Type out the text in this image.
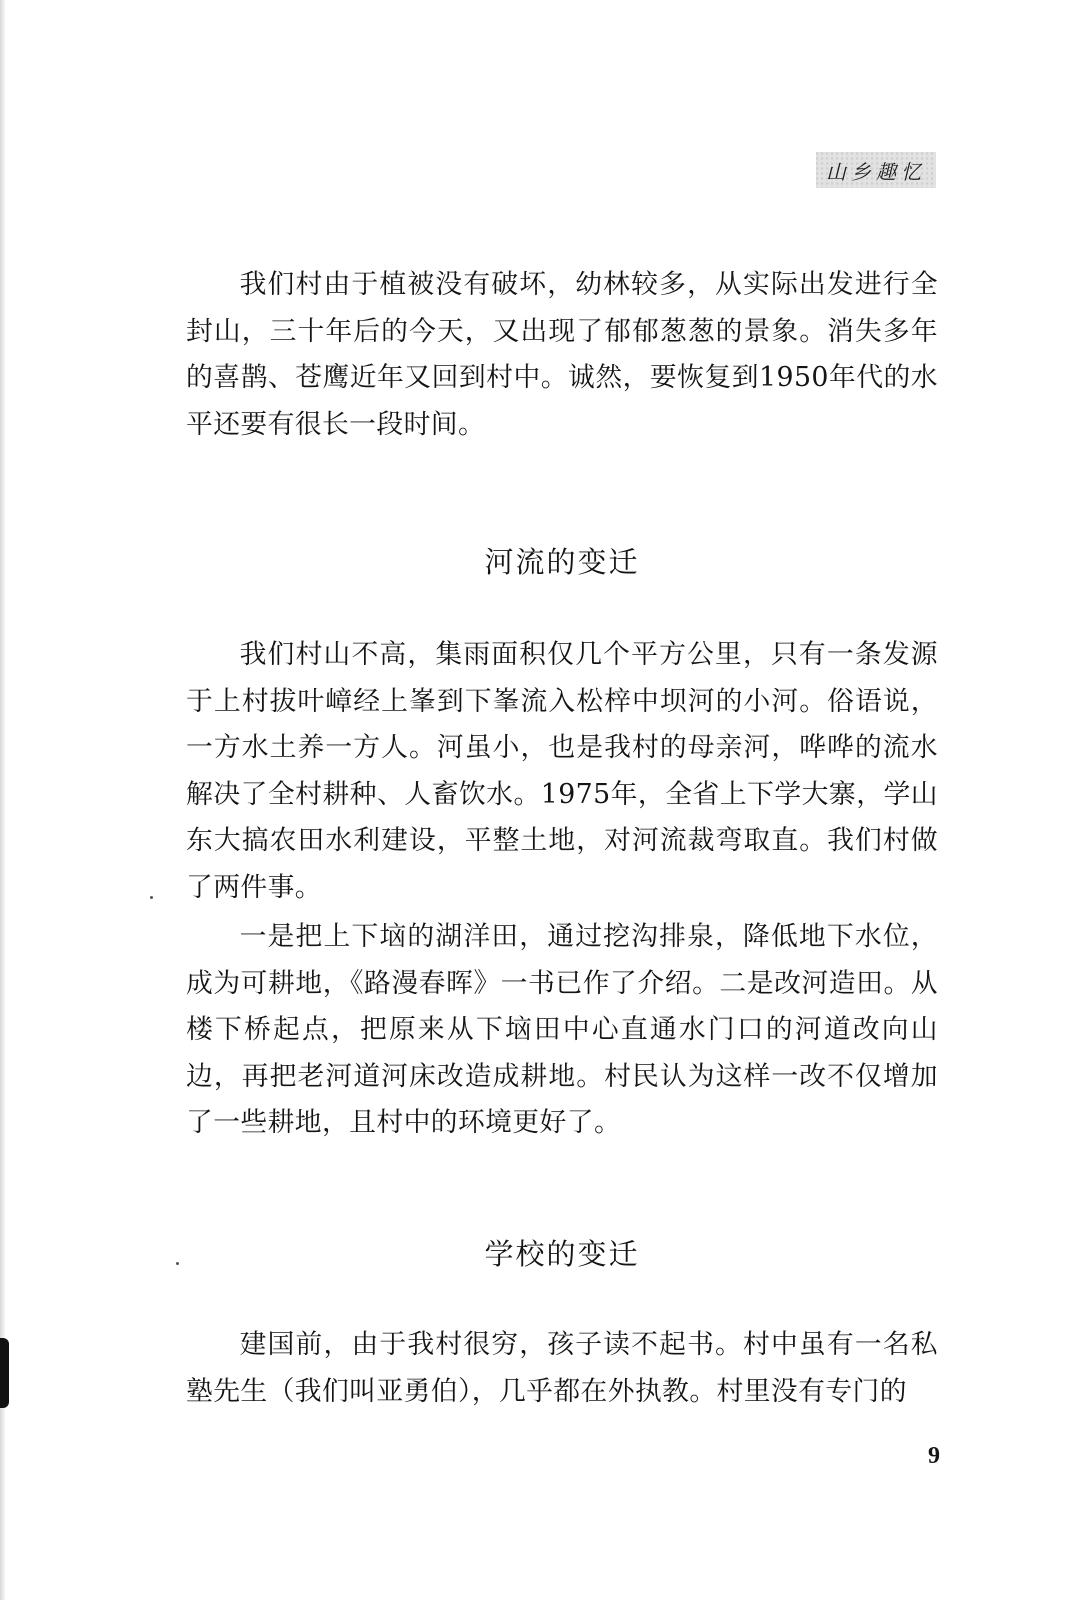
山乡趣忆

我们村由于植被没有破坏，幼林较多，从实际出发进行全封山，三十年后的今天，又出现了郁郁葱葱的景象。消失多年的喜鹊、苍鹰近年又回到村中。诚然，要恢复到1950年代的水平还要有很长一段时间。

河流的变迁

我们村山不高，集雨面积仅几个平方公里，只有一条发源于上村拔叶嶂经上峯到下峯流入松梓中坝河的小河。俗语说，一方水土养一方人。河虽小，也是我村的母亲河，哗哗的流水解决了全村耕种、人畜饮水。1975年，全省上下学大寨，学山东大搞农田水利建设，平整土地，对河流裁弯取直。我们村做了两件事。

一是把上下垴的湖洋田，通过挖沟排泉，降低地下水位，成为可耕地，《路漫春晖》一书已作了介绍。二是改河造田。从楼下桥起点，把原来从下垴田中心直通水门口的河道改向山边，再把老河道河床改造成耕地。村民认为这样一改不仅增加了一些耕地，且村中的环境更好了。

学校的变迁

建国前，由于我村很穷，孩子读不起书。村中虽有一名私塾先生（我们叫亚勇伯），几乎都在外执教。村里没有专门的

9
